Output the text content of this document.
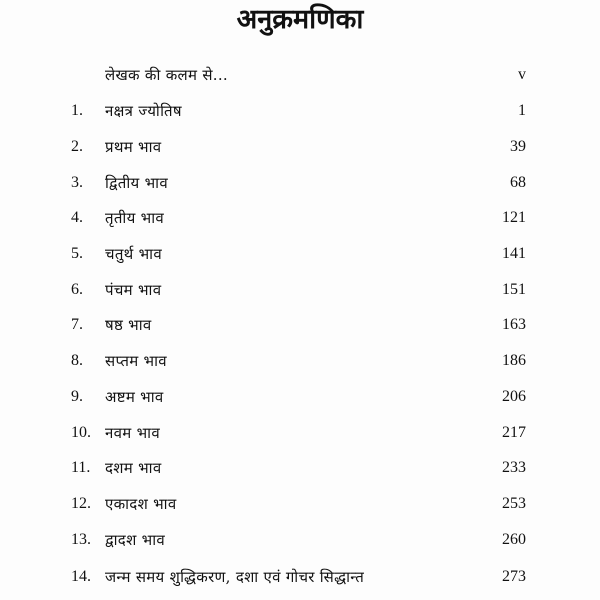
अनुक्रमणिका
लेखक की कलम से...	v
1. नक्षत्र ज्योतिष	1
2. प्रथम भाव	39
3. द्वितीय भाव	68
4. तृतीय भाव	121
5. चतुर्थ भाव	141
6. पंचम भाव	151
7. षष्ठ भाव	163
8. सप्तम भाव	186
9. अष्टम भाव	206
10. नवम भाव	217
11. दशम भाव	233
12. एकादश भाव	253
13. द्वादश भाव	260
14. जन्म समय शुद्धिकरण, दशा एवं गोचर सिद्धान्त	273
